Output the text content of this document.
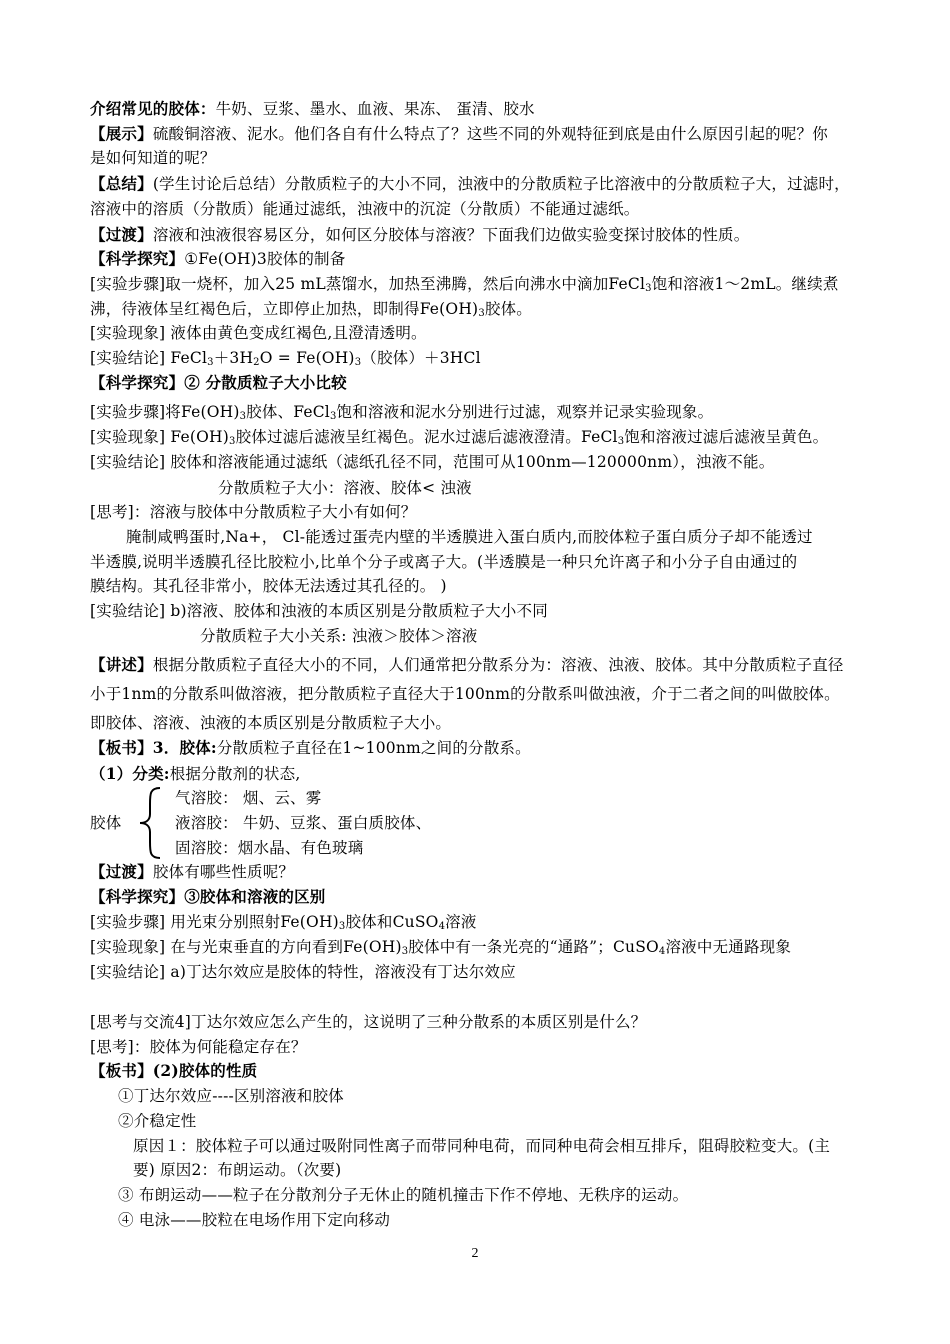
介绍常见的胶体：牛奶、豆浆、墨水、血液、果冻、 蛋清、胶水
【展示】硫酸铜溶液、泥水。他们各自有什么特点了？这些不同的外观特征到底是由什么原因引起的呢？你
是如何知道的呢？
【总结】(学生讨论后总结）分散质粒子的大小不同，浊液中的分散质粒子比溶液中的分散质粒子大，过滤时，
溶液中的溶质（分散质）能通过滤纸，浊液中的沉淀（分散质）不能通过滤纸。
【过渡】溶液和浊液很容易区分，如何区分胶体与溶液？下面我们边做实验变探讨胶体的性质。
【科学探究】①Fe(OH)3胶体的制备
[实验步骤]取一烧杯，加入25 mL蒸馏水，加热至沸腾，然后向沸水中滴加FeCl$_3$饱和溶液1～2mL。继续煮
沸，待液体呈红褐色后，立即停止加热，即制得$Fe(OH)_3$胶体。
[实验现象] 液体由黄色变成红褐色,且澄清透明。
[实验结论] $FeCl_3+3H_2O = Fe(OH)_3$（胶体）＋3HCl
【科学探究】② 分散质粒子大小比较
[实验步骤]将$Fe(OH)_3$胶体、FeCl$_3$饱和溶液和泥水分别进行过滤，观察并记录实验现象。
[实验现象] $Fe(OH)_3$胶体过滤后滤液呈红褐色。泥水过滤后滤液澄清。FeCl$_3$饱和溶液过滤后滤液呈黄色。
[实验结论] 胶体和溶液能通过滤纸（滤纸孔径不同，范围可从100nm—120000nm），浊液不能。
分散质粒子大小：溶液、胶体< 浊液
[思考]：溶液与胶体中分散质粒子大小有如何？
腌制咸鸭蛋时,Na+， Cl-能透过蛋壳内壁的半透膜进入蛋白质内,而胶体粒子蛋白质分子却不能透过
半透膜,说明半透膜孔径比胶粒小,比单个分子或离子大。(半透膜是一种只允许离子和小分子自由通过的
膜结构。其孔径非常小，胶体无法透过其孔径的。 )
[实验结论] b)溶液、胶体和浊液的本质区别是分散质粒子大小不同
分散质粒子大小关系: 浊液＞胶体＞溶液
【讲述】根据分散质粒子直径大小的不同，人们通常把分散系分为：溶液、浊液、胶体。其中分散质粒子直径
小于1nm的分散系叫做溶液，把分散质粒子直径大于100nm的分散系叫做浊液，介于二者之间的叫做胶体。
即胶体、溶液、浊液的本质区别是分散质粒子大小。
【板书】3．胶体:分散质粒子直径在1~100nm之间的分散系。
（1）分类:根据分散剂的状态,
气溶胶： 烟、云、雾
胶体	液溶胶： 牛奶、豆浆、蛋白质胶体、
固溶胶：烟水晶、有色玻璃
【过渡】胶体有哪些性质呢？
【科学探究】③胶体和溶液的区别
[实验步骤] 用光束分别照射$Fe(OH)_3$胶体和CuSO$_4$溶液
[实验现象] 在与光束垂直的方向看到$Fe(OH)_3$胶体中有一条光亮的“通路”；CuSO$_4$溶液中无通路现象
[实验结论] a)丁达尔效应是胶体的特性，溶液没有丁达尔效应
[思考与交流4]丁达尔效应怎么产生的，这说明了三种分散系的本质区别是什么？
[思考]：胶体为何能稳定存在？
【板书】(2)胶体的性质
①丁达尔效应----区别溶液和胶体
②介稳定性
原因１：胶体粒子可以通过吸附同性离子而带同种电荷，而同种电荷会相互排斥，阻碍胶粒变大。(主
要) 原因2：布朗运动。（次要)
③ 布朗运动——粒子在分散剂分子无休止的随机撞击下作不停地、无秩序的运动。
④ 电泳——胶粒在电场作用下定向移动
2
